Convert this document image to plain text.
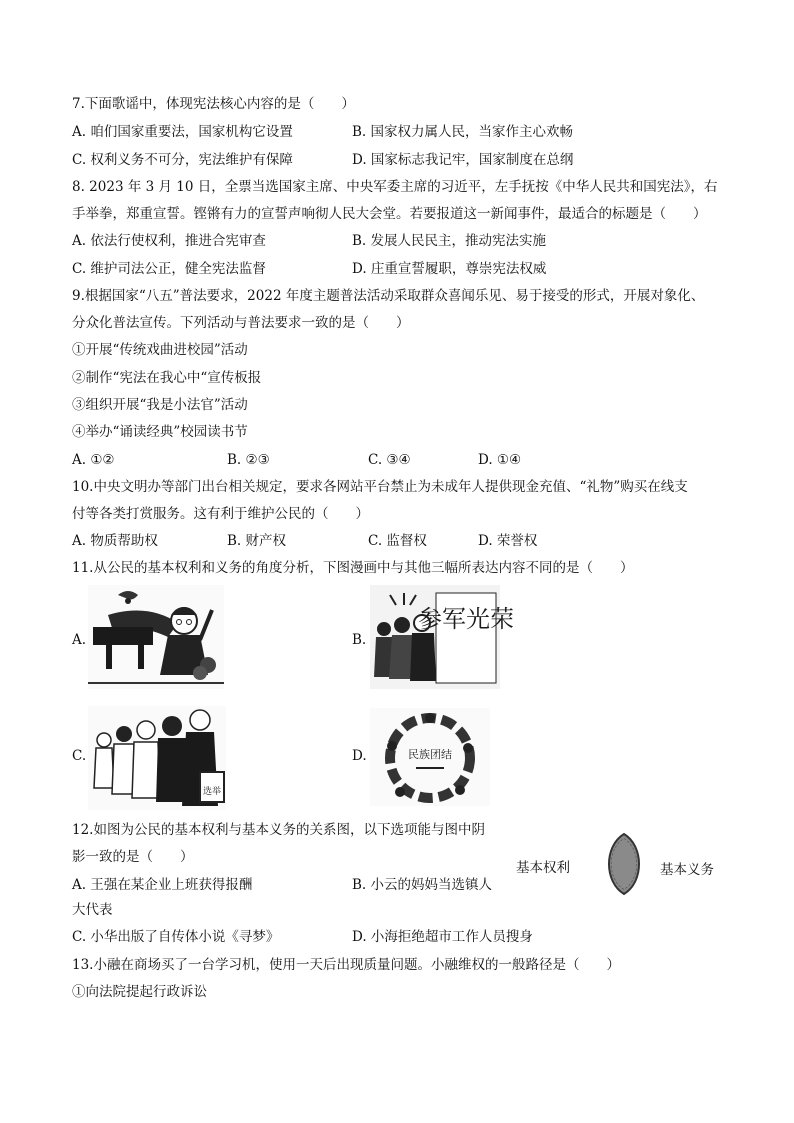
7.下面歌谣中，体现宪法核心内容的是（　　）
A. 咱们国家重要法，国家机构它设置	B. 国家权力属人民，当家作主心欢畅
C. 权利义务不可分，宪法维护有保障	D. 国家标志我记牢，国家制度在总纲
8. 2023 年 3 月 10 日，全票当选国家主席、中央军委主席的习近平，左手抚按《中华人民共和国宪法》，右
手举拳，郑重宣誓。铿锵有力的宣誓声响彻人民大会堂。若要报道这一新闻事件，最适合的标题是（　　）
A. 依法行使权利，推进合宪审查	B. 发展人民民主，推动宪法实施
C. 维护司法公正，健全宪法监督	D. 庄重宣誓履职，尊崇宪法权威
9.根据国家“八五”普法要求，2022 年度主题普法活动采取群众喜闻乐见、易于接受的形式，开展对象化、
分众化普法宣传。下列活动与普法要求一致的是（　　）
①开展“传统戏曲进校园”活动
②制作“宪法在我心中“宣传板报
③组织开展“我是小法官”活动
④举办“诵读经典”校园读书节
A. ①②	B. ②③	C. ③④	D. ①④
10.中央文明办等部门出台相关规定，要求各网站平台禁止为未成年人提供现金充值、“礼物”购买在线支
付等各类打赏服务。这有利于维护公民的（　　）
A. 物质帮助权	B. 财产权	C. 监督权	D. 荣誉权
11.从公民的基本权利和义务的角度分析，下图漫画中与其他三幅所表达内容不同的是（　　）
A.	B.
参军光荣
C.
选举
D.	民族团结
12.如图为公民的基本权利与基本义务的关系图，以下选项能与图中阴
影一致的是（　　）
基本权利	基本义务
A. 王强在某企业上班获得报酬	B. 小云的妈妈当选镇人
大代表
C. 小华出版了自传体小说《寻梦》	D. 小海拒绝超市工作人员搜身
13.小融在商场买了一台学习机，使用一天后出现质量问题。小融维权的一般路径是（　　）
①向法院提起行政诉讼
